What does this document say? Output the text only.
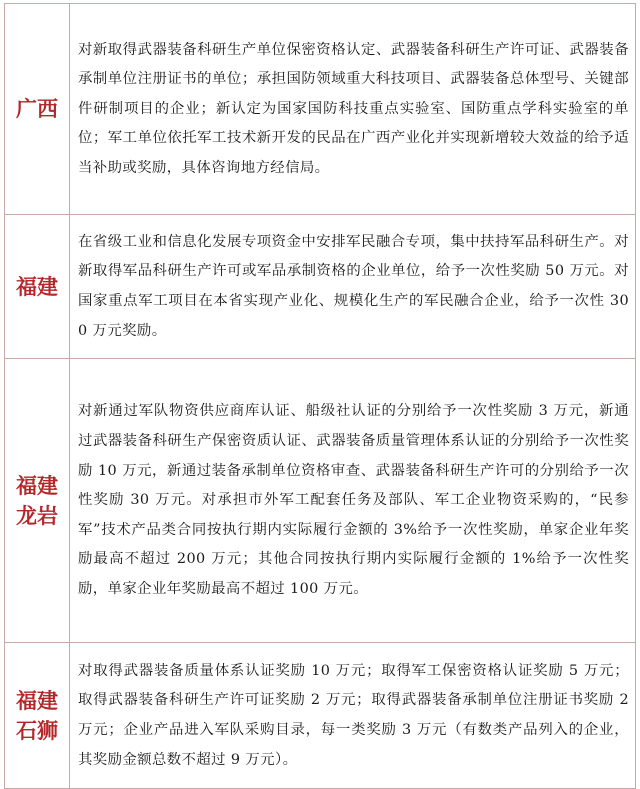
广西	对新取得武器装备科研生产单位保密资格认定、武器装备科研生产许可证、武器装备承制单位注册证书的单位；承担国防领域重大科技项目、武器装备总体型号、关键部件研制项目的企业；新认定为国家国防科技重点实验室、国防重点学科实验室的单位；军工单位依托军工技术新开发的民品在广西产业化并实现新增较大效益的给予适当补助或奖励，具体咨询地方经信局。

福建	在省级工业和信息化发展专项资金中安排军民融合专项，集中扶持军品科研生产。对新取得军品科研生产许可或军品承制资格的企业单位，给予一次性奖励 50 万元。对国家重点军工项目在本省实现产业化、规模化生产的军民融合企业，给予一次性 300 万元奖励。

福建
龙岩	对新通过军队物资供应商库认证、船级社认证的分别给予一次性奖励 3 万元，新通过武器装备科研生产保密资质认证、武器装备质量管理体系认证的分别给予一次性奖励 10 万元，新通过装备承制单位资格审查、武器装备科研生产许可的分别给予一次性奖励 30 万元。对承担市外军工配套任务及部队、军工企业物资采购的，“民参军”技术产品类合同按执行期内实际履行金额的 3%给予一次性奖励，单家企业年奖励最高不超过 200 万元；其他合同按执行期内实际履行金额的 1%给予一次性奖励，单家企业年奖励最高不超过 100 万元。

福建
石狮	对取得武器装备质量体系认证奖励 10 万元；取得军工保密资格认证奖励 5 万元；取得武器装备科研生产许可证奖励 2 万元；取得武器装备承制单位注册证书奖励 2 万元；企业产品进入军队采购目录，每一类奖励 3 万元（有数类产品列入的企业，其奖励金额总数不超过 9 万元）。
